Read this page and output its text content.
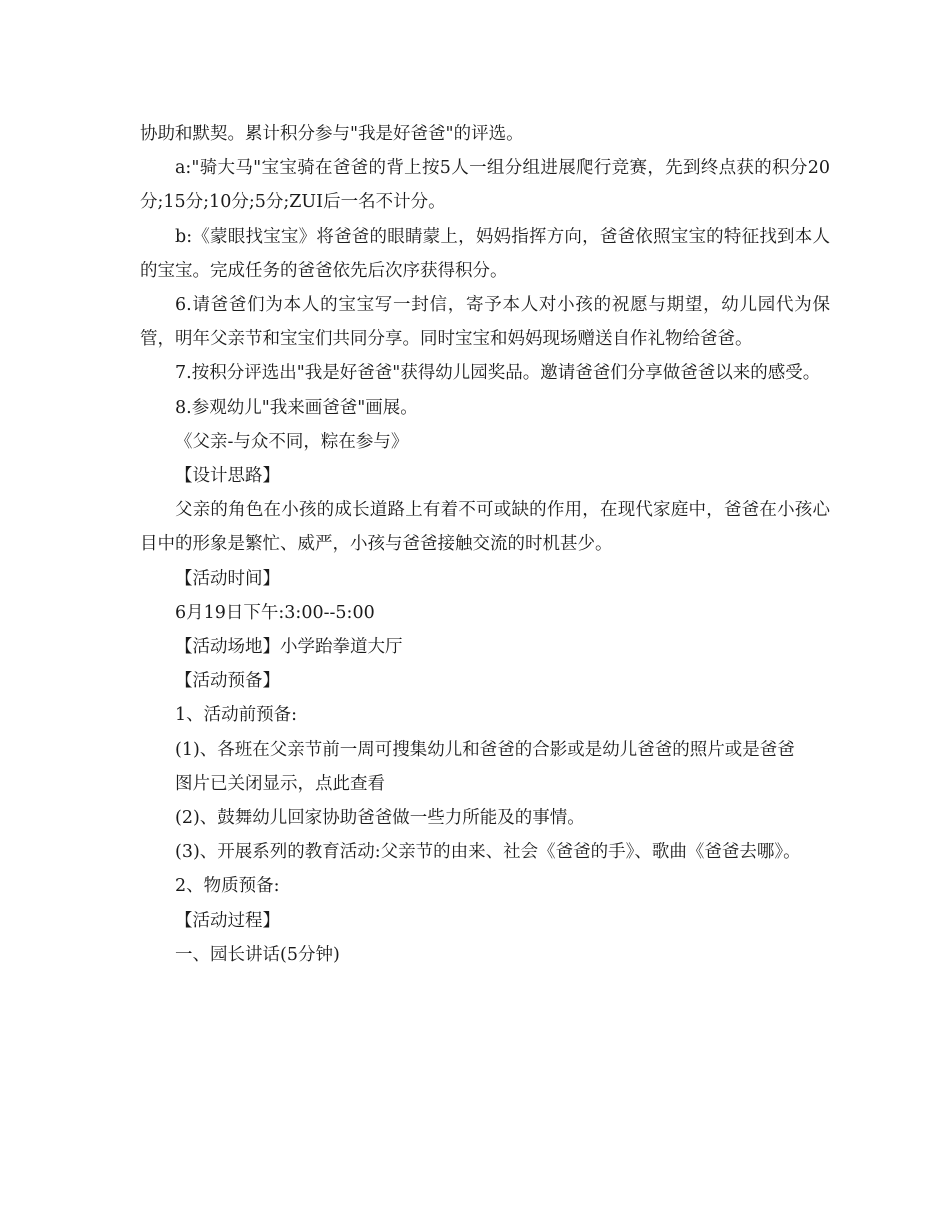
协助和默契。累计积分参与"我是好爸爸"的评选。

a:"骑大马"宝宝骑在爸爸的背上按5人一组分组进展爬行竞赛，先到终点获的积分20分;15分;10分;5分;ZUI后一名不计分。

b:《蒙眼找宝宝》将爸爸的眼睛蒙上，妈妈指挥方向，爸爸依照宝宝的特征找到本人的宝宝。完成任务的爸爸依先后次序获得积分。

6.请爸爸们为本人的宝宝写一封信，寄予本人对小孩的祝愿与期望，幼儿园代为保管，明年父亲节和宝宝们共同分享。同时宝宝和妈妈现场赠送自作礼物给爸爸。

7.按积分评选出"我是好爸爸"获得幼儿园奖品。邀请爸爸们分享做爸爸以来的感受。

8.参观幼儿"我来画爸爸"画展。

《父亲-与众不同，粽在参与》

【设计思路】

父亲的角色在小孩的成长道路上有着不可或缺的作用，在现代家庭中，爸爸在小孩心目中的形象是繁忙、威严，小孩与爸爸接触交流的时机甚少。

【活动时间】

6月19日下午:3:00--5:00

【活动场地】小学跆拳道大厅

【活动预备】

1、活动前预备:

(1)、各班在父亲节前一周可搜集幼儿和爸爸的合影或是幼儿爸爸的照片或是爸爸

图片已关闭显示，点此查看

(2)、鼓舞幼儿回家协助爸爸做一些力所能及的事情。

(3)、开展系列的教育活动:父亲节的由来、社会《爸爸的手》、歌曲《爸爸去哪》。

2、物质预备:

【活动过程】

一、园长讲话(5分钟)
